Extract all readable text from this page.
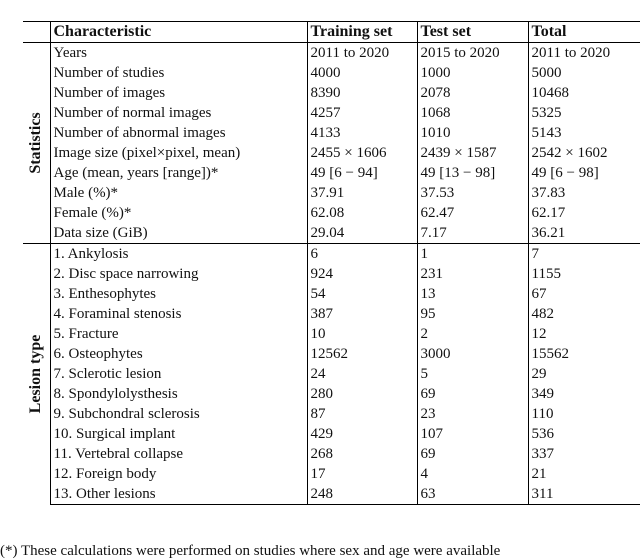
	Characteristic	Training set	Test set	Total

Statistics	Years	2011 to 2020	2015 to 2020	2011 to 2020
	Number of studies	4000	1000	5000
	Number of images	8390	2078	10468
	Number of normal images	4257	1068	5325
	Number of abnormal images	4133	1010	5143
	Image size (pixel×pixel, mean)	2455 × 1606	2439 × 1587	2542 × 1602
	Age (mean, years [range])*	49 [6 − 94]	49 [13 − 98]	49 [6 − 98]
	Male (%)*	37.91	37.53	37.83
	Female (%)*	62.08	62.47	62.17
	Data size (GiB)	29.04	7.17	36.21

Lesion type	1. Ankylosis	6	1	7
	2. Disc space narrowing	924	231	1155
	3. Enthesophytes	54	13	67
	4. Foraminal stenosis	387	95	482
	5. Fracture	10	2	12
	6. Osteophytes	12562	3000	15562
	7. Sclerotic lesion	24	5	29
	8. Spondylolysthesis	280	69	349
	9. Subchondral sclerosis	87	23	110
	10. Surgical implant	429	107	536
	11. Vertebral collapse	268	69	337
	12. Foreign body	17	4	21
	13. Other lesions	248	63	311
(*) These calculations were performed on studies where sex and age were available
